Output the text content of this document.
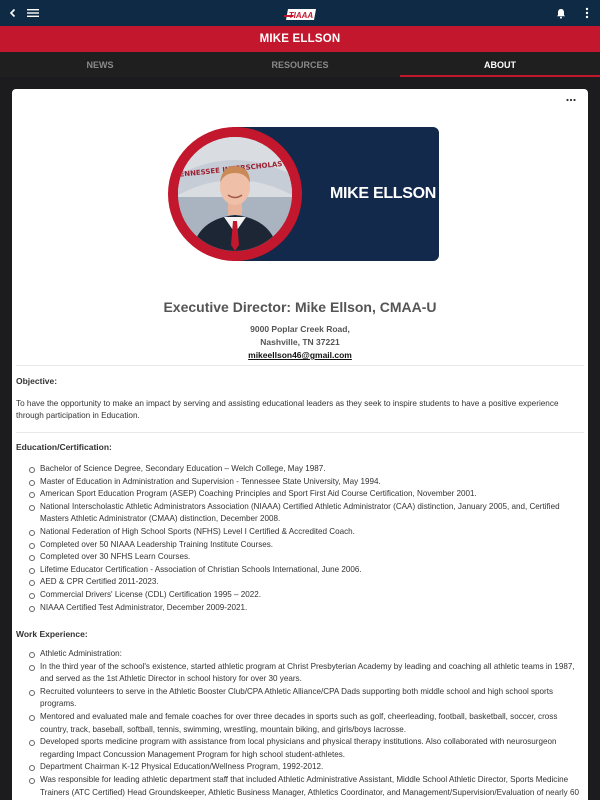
TIAAA
MIKE ELLSON
NEWS	RESOURCES	ABOUT
TENNESSEE INTERSCHOLASTIC
MIKE ELLSON
Executive Director: Mike Ellson, CMAA-U
9000 Poplar Creek Road,
Nashville, TN 37221
mikeellson46@gmail.com
Objective:
To have the opportunity to make an impact by serving and assisting educational leaders as they seek to inspire students to have a positive experience through participation in Education.
Education/Certification:
Bachelor of Science Degree, Secondary Education – Welch College, May 1987.
Master of Education in Administration and Supervision - Tennessee State University, May 1994.
American Sport Education Program (ASEP) Coaching Principles and Sport First Aid Course Certification, November 2001.
National Interscholastic Athletic Administrators Association (NIAAA) Certified Athletic Administrator (CAA) distinction, January 2005, and, Certified Masters Athletic Administrator (CMAA) distinction, December 2008.
National Federation of High School Sports (NFHS) Level I Certified & Accredited Coach.
Completed over 50 NIAAA Leadership Training Institute Courses.
Completed over 30 NFHS Learn Courses.
Lifetime Educator Certification - Association of Christian Schools International, June 2006.
AED & CPR Certified 2011-2023.
Commercial Drivers' License (CDL) Certification 1995 – 2022.
NIAAA Certified Test Administrator, December 2009-2021.
Work Experience:
Athletic Administration:
In the third year of the school's existence, started athletic program at Christ Presbyterian Academy by leading and coaching all athletic teams in 1987, and served as the 1st Athletic Director in school history for over 30 years.
Recruited volunteers to serve in the Athletic Booster Club/CPA Athletic Alliance/CPA Dads supporting both middle school and high school sports programs.
Mentored and evaluated male and female coaches for over three decades in sports such as golf, cheerleading, football, basketball, soccer, cross country, track, baseball, softball, tennis, swimming, wrestling, mountain biking, and girls/boys lacrosse.
Developed sports medicine program with assistance from local physicians and physical therapy institutions. Also collaborated with neurosurgeon regarding Impact Concussion Management Program for high school student-athletes.
Department Chairman K-12 Physical Education/Wellness Program, 1992-2012.
Was responsible for leading athletic department staff that included Athletic Administrative Assistant, Middle School Athletic Director, Sports Medicine Trainers (ATC Certified) Head Groundskeeper, Athletic Business Manager, Athletics Coordinator, and Management/Supervision/Evaluation of nearly 60
